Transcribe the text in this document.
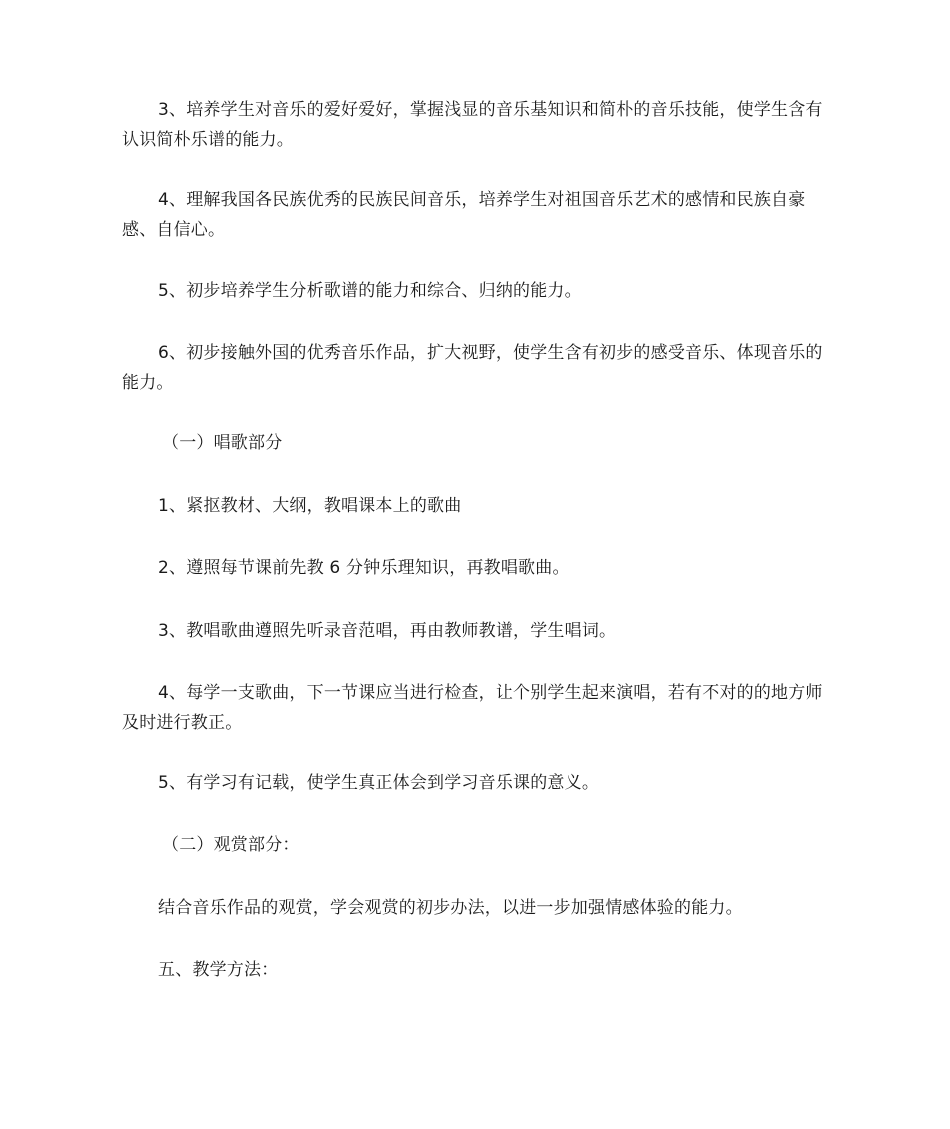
3、培养学生对音乐的爱好爱好，掌握浅显的音乐基知识和简朴的音乐技能，使学生含有认识简朴乐谱的能力。

4、理解我国各民族优秀的民族民间音乐，培养学生对祖国音乐艺术的感情和民族自豪感、自信心。

5、初步培养学生分析歌谱的能力和综合、归纳的能力。

6、初步接触外国的优秀音乐作品，扩大视野，使学生含有初步的感受音乐、体现音乐的能力。

（一）唱歌部分

1、紧抠教材、大纲，教唱课本上的歌曲

2、遵照每节课前先教 6 分钟乐理知识，再教唱歌曲。

3、教唱歌曲遵照先听录音范唱，再由教师教谱，学生唱词。

4、每学一支歌曲，下一节课应当进行检查，让个别学生起来演唱，若有不对的的地方师及时进行教正。

5、有学习有记载，使学生真正体会到学习音乐课的意义。

（二）观赏部分：

结合音乐作品的观赏，学会观赏的初步办法，以进一步加强情感体验的能力。

五、教学方法：
